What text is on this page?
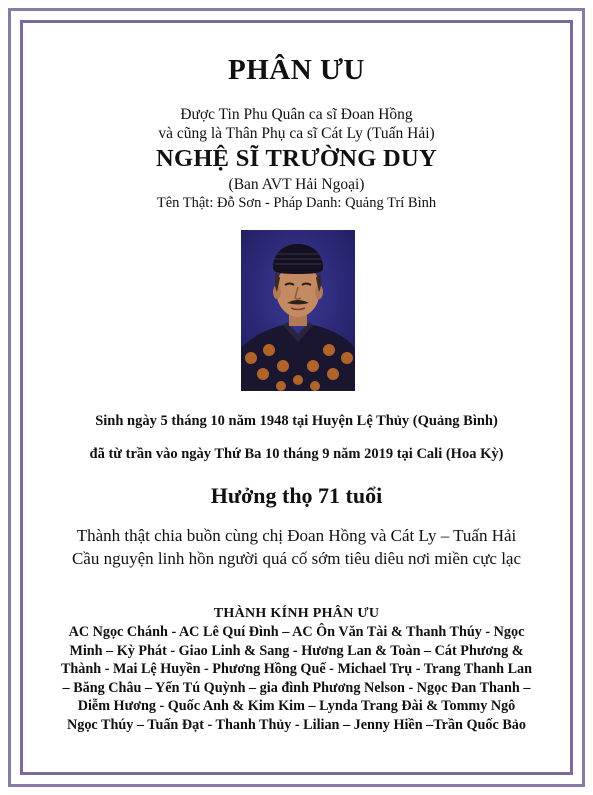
PHÂN ƯU
Được Tin Phu Quân ca sĩ Đoan Hồng
và cũng là Thân Phụ ca sĩ Cát Ly (Tuấn Hải)
NGHỆ SĨ TRƯỜNG DUY
(Ban AVT Hải Ngoại)
Tên Thật: Đỗ Sơn - Pháp Danh: Quảng Trí Bình
Sinh ngày 5 tháng 10 năm 1948 tại Huyện Lệ Thủy (Quảng Bình)
đã từ trần vào ngày Thứ Ba 10 tháng 9 năm 2019 tại Cali (Hoa Kỳ)
Hưởng thọ 71 tuổi
Thành thật chia buồn cùng chị Đoan Hồng và Cát Ly – Tuấn Hải
Cầu nguyện linh hồn người quá cố sớm tiêu diêu nơi miền cực lạc
THÀNH KÍNH PHÂN ƯU
AC Ngọc Chánh - AC Lê Quí Đình – AC Ôn Văn Tài & Thanh Thúy - Ngọc
Minh – Kỳ Phát - Giao Linh & Sang - Hương Lan & Toàn – Cát Phương &
Thành - Mai Lệ Huyền - Phương Hồng Quế - Michael Trụ - Trang Thanh Lan
– Băng Châu – Yến Tú Quỳnh – gia đình Phương Nelson - Ngọc Đan Thanh –
Diễm Hương - Quốc Anh & Kim Kim – Lynda Trang Đài & Tommy Ngô
Ngọc Thúy – Tuấn Đạt - Thanh Thủy - Lilian – Jenny Hiền –Trần Quốc Bảo
